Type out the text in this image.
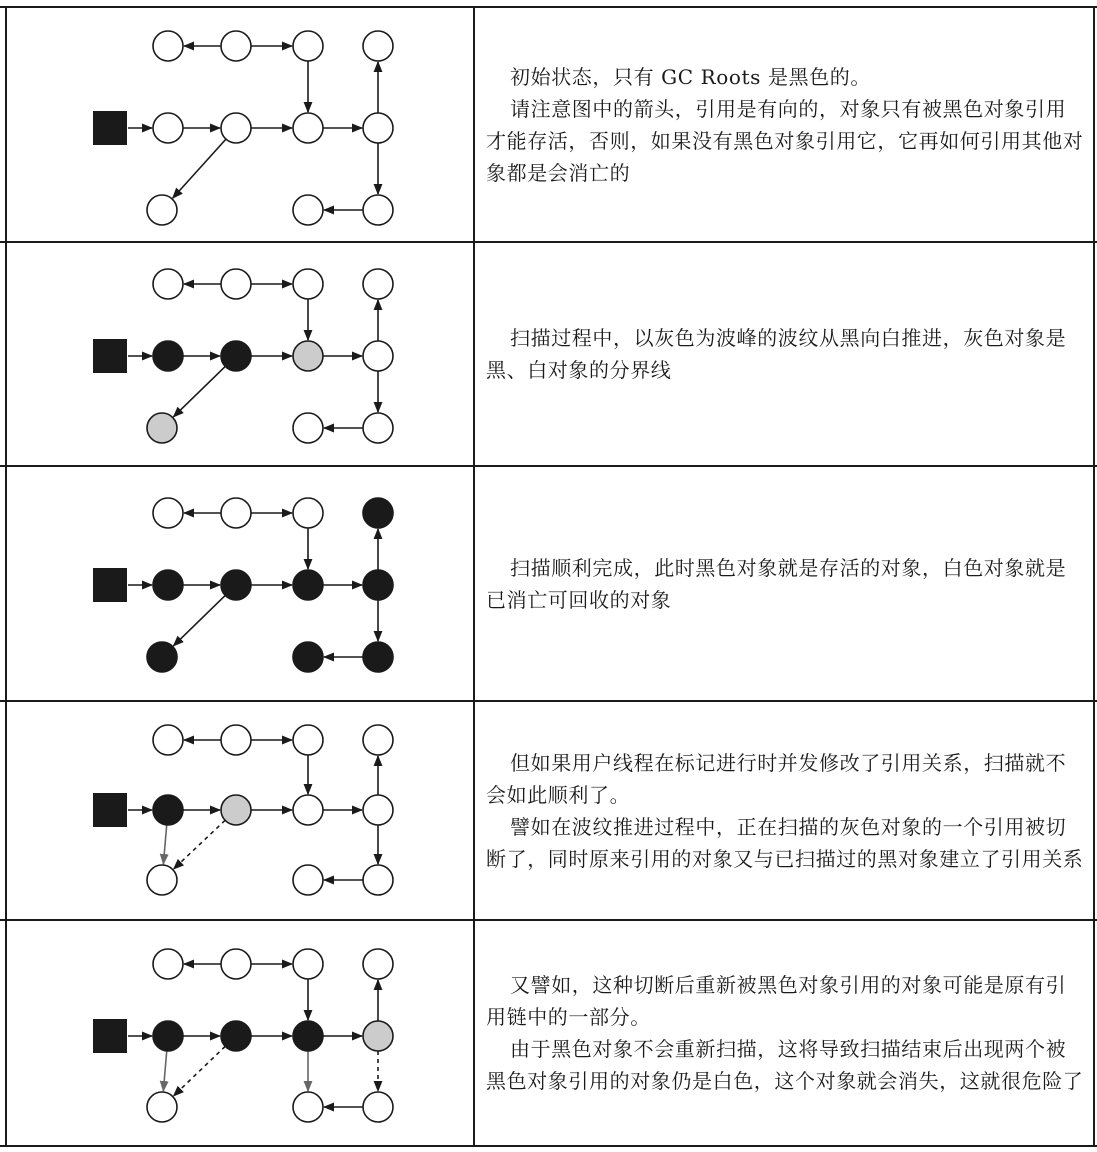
初始状态，只有 GC Roots 是黑色的。

请注意图中的箭头，引用是有向的，对象只有被黑色对象引用才能存活，否则，如果没有黑色对象引用它，它再如何引用其他对象都是会消亡的

扫描过程中，以灰色为波峰的波纹从黑向白推进，灰色对象是黑、白对象的分界线

扫描顺利完成，此时黑色对象就是存活的对象，白色对象就是已消亡可回收的对象

但如果用户线程在标记进行时并发修改了引用关系，扫描就不会如此顺利了。

譬如在波纹推进过程中，正在扫描的灰色对象的一个引用被切断了，同时原来引用的对象又与已扫描过的黑对象建立了引用关系

又譬如，这种切断后重新被黑色对象引用的对象可能是原有引用链中的一部分。

由于黑色对象不会重新扫描，这将导致扫描结束后出现两个被黑色对象引用的对象仍是白色，这个对象就会消失，这就很危险了
